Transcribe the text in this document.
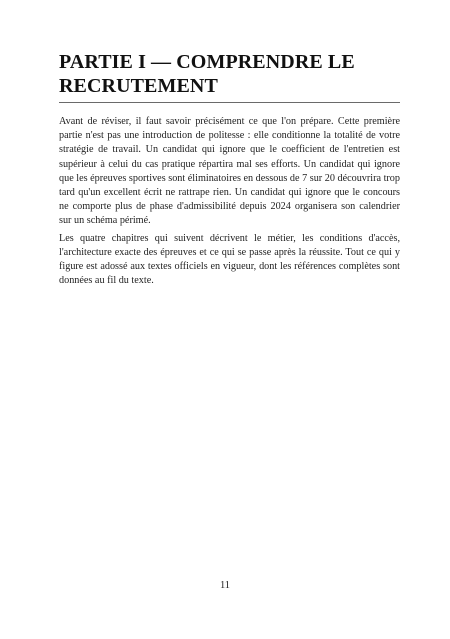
PARTIE I — COMPRENDRE LE RECRUTEMENT

Avant de réviser, il faut savoir précisément ce que l'on prépare. Cette première partie n'est pas une introduction de politesse : elle conditionne la totalité de votre stratégie de travail. Un candidat qui ignore que le coefficient de l'entretien est supérieur à celui du cas pratique répartira mal ses efforts. Un candidat qui ignore que les épreuves sportives sont éliminatoires en dessous de 7 sur 20 découvrira trop tard qu'un excellent écrit ne rattrape rien. Un candidat qui ignore que le concours ne comporte plus de phase d'admissibilité depuis 2024 organisera son calendrier sur un schéma périmé.

Les quatre chapitres qui suivent décrivent le métier, les conditions d'accès, l'architecture exacte des épreuves et ce qui se passe après la réussite. Tout ce qui y figure est adossé aux textes officiels en vigueur, dont les références complètes sont données au fil du texte.

11
